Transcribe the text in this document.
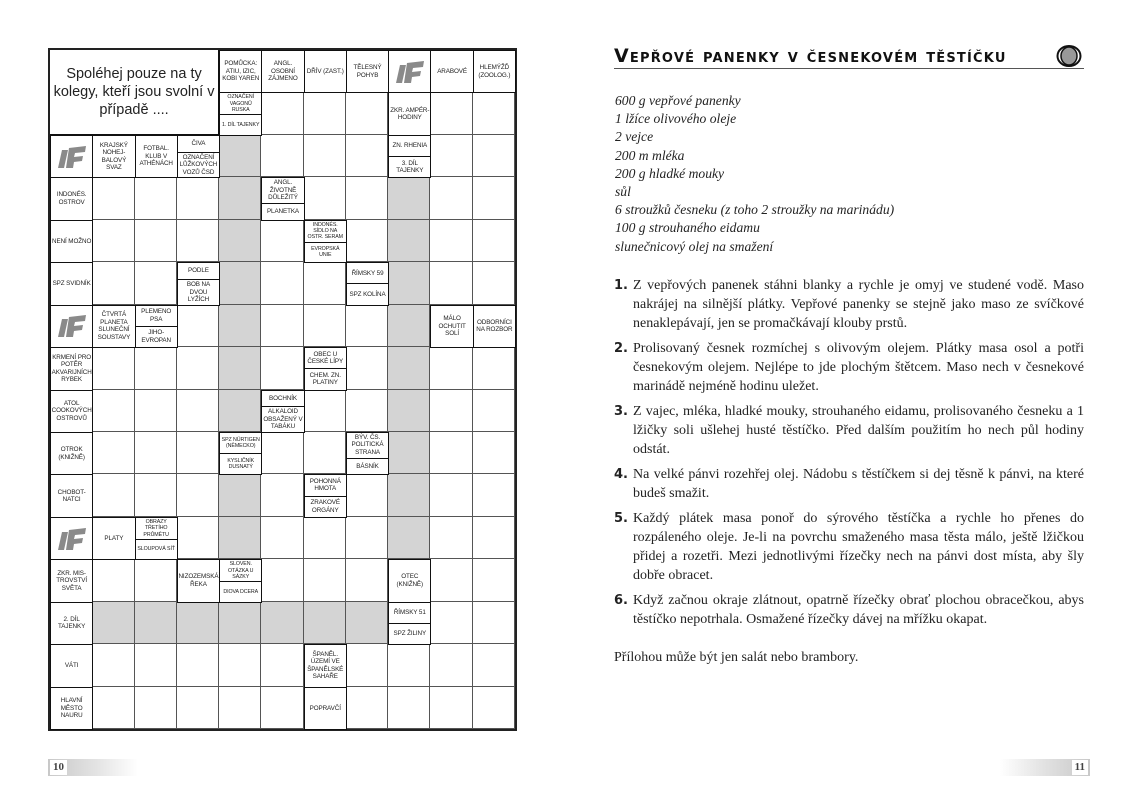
Spoléhej pouze na ty kolegy, kteří jsou svolní v případě ....
POMŮCKA: ATIU, IZIC, KOBI YAREN
ANGL. OSOBNÍ ZÁJMENO
DŘÍV (ZAST.)
TĚLESNÝ POHYB
ARABOVÉ
HLEMÝŽĎ (ZOOLOG.)
OZNAČENÍ VAGONŮ RUSKA
1. DÍL TAJENKY
ZKR. AMPÉR-HODINY
KRAJSKÝ NOHEJ-BALOVÝ SVAZ
FOTBAL. KLUB V ATHÉNÁCH
ČIVA
OZNAČENÍ LŮŽKOVÝCH VOZŮ ČSD
ZN. RHENIA
3. DÍL TAJENKY
INDONÉS. OSTROV
ANGL. ŽIVOTNĚ DŮLEŽITÝ
PLANETKA
NENÍ MOŽNO
INDONÉS. SÍDLO NA OSTR. SERAM
EVROPSKÁ UNIE
SPZ SVIDNÍK
PODLE
BOB NA DVOU LYŽÍCH
ŘÍMSKY 59
SPZ KOLÍNA
ČTVRTÁ PLANETA SLUNEČNÍ SOUSTAVY
PLEMENO PSA
JIHO-EVROPAN
MÁLO OCHUTIT SOLÍ
ODBORNÍCI NA ROZBOR
KRMENÍ PRO POTĚR AKVARIJNÍCH RYBEK
OBEC U ČESKÉ LÍPY
CHEM. ZN. PLATINY
ATOL COOKOVÝCH OSTROVŮ
BOCHNÍK
ALKALOID OBSAŽENÝ V TABÁKU
OTROK (KNIŽNĚ)
SPZ NÜRTIGEN (NĚMECKO)
KYSLIČNÍK DUSNATÝ
BÝV. ČS. POLITICKÁ STRANA
BÁSNÍK
CHOBOT-NATCI
POHONNÁ HMOTA
ZRAKOVÉ ORGÁNY
PLATY
OBRAZY TŘETÍHO PRŮMĚTU
SLOUPOVÁ SÍŤ
ZKR. MIS-TROVSTVÍ SVĚTA
NIZOZEMSKÁ ŘEKA
SLOVEN. OTÁZKA U SÁZKY
DIOVA DCERA
OTEC (KNIŽNĚ)
2. DÍL TAJENKY
ŘÍMSKY 51
SPZ ŽILINY
VÁTI
ŠPANĚL. ÚZEMÍ VE ŠPANĚLSKÉ SAHAŘE
HLAVNÍ MĚSTO NAURU
POPRAVČÍ
10
Vepřové panenky v česnekovém těstíčku
600 g vepřové panenky
1 lžíce olivového oleje
2 vejce
200 m mléka
200 g hladké mouky
sůl
6 stroužků česneku (z toho 2 stroužky na marinádu)
100 g strouhaného eidamu
slunečnicový olej na smažení
1. Z vepřových panenek stáhni blanky a rychle je omyj ve studené vodě. Maso nakrájej na silnější plátky. Vepřové panenky se stejně jako maso ze svíčkové nenaklepávají, jen se promačkávají klouby prstů.
2. Prolisovaný česnek rozmíchej s olivovým olejem. Plátky masa osol a potři česnekovým olejem. Nejlépe to jde plochým štětcem. Maso nech v česnekové marinádě nejméně hodinu uležet.
3. Z vajec, mléka, hladké mouky, strouhaného eidamu, prolisovaného česneku a 1 lžičky soli ušlehej husté těstíčko. Před dalším použitím ho nech půl hodiny odstát.
4. Na velké pánvi rozehřej olej. Nádobu s těstíčkem si dej těsně k pánvi, na které budeš smažit.
5. Každý plátek masa ponoř do sýrového těstíčka a rychle ho přenes do rozpáleného oleje. Je-li na povrchu smaženého masa těsta málo, ještě lžičkou přidej a rozetři. Mezi jednotlivými řízečky nech na pánvi dost místa, aby šly dobře obracet.
6. Když začnou okraje zlátnout, opatrně řízečky obrať plochou obracečkou, abys těstíčko nepotrhala. Osmažené řízečky dávej na mřížku okapat.
Přílohou může být jen salát nebo brambory.
11
